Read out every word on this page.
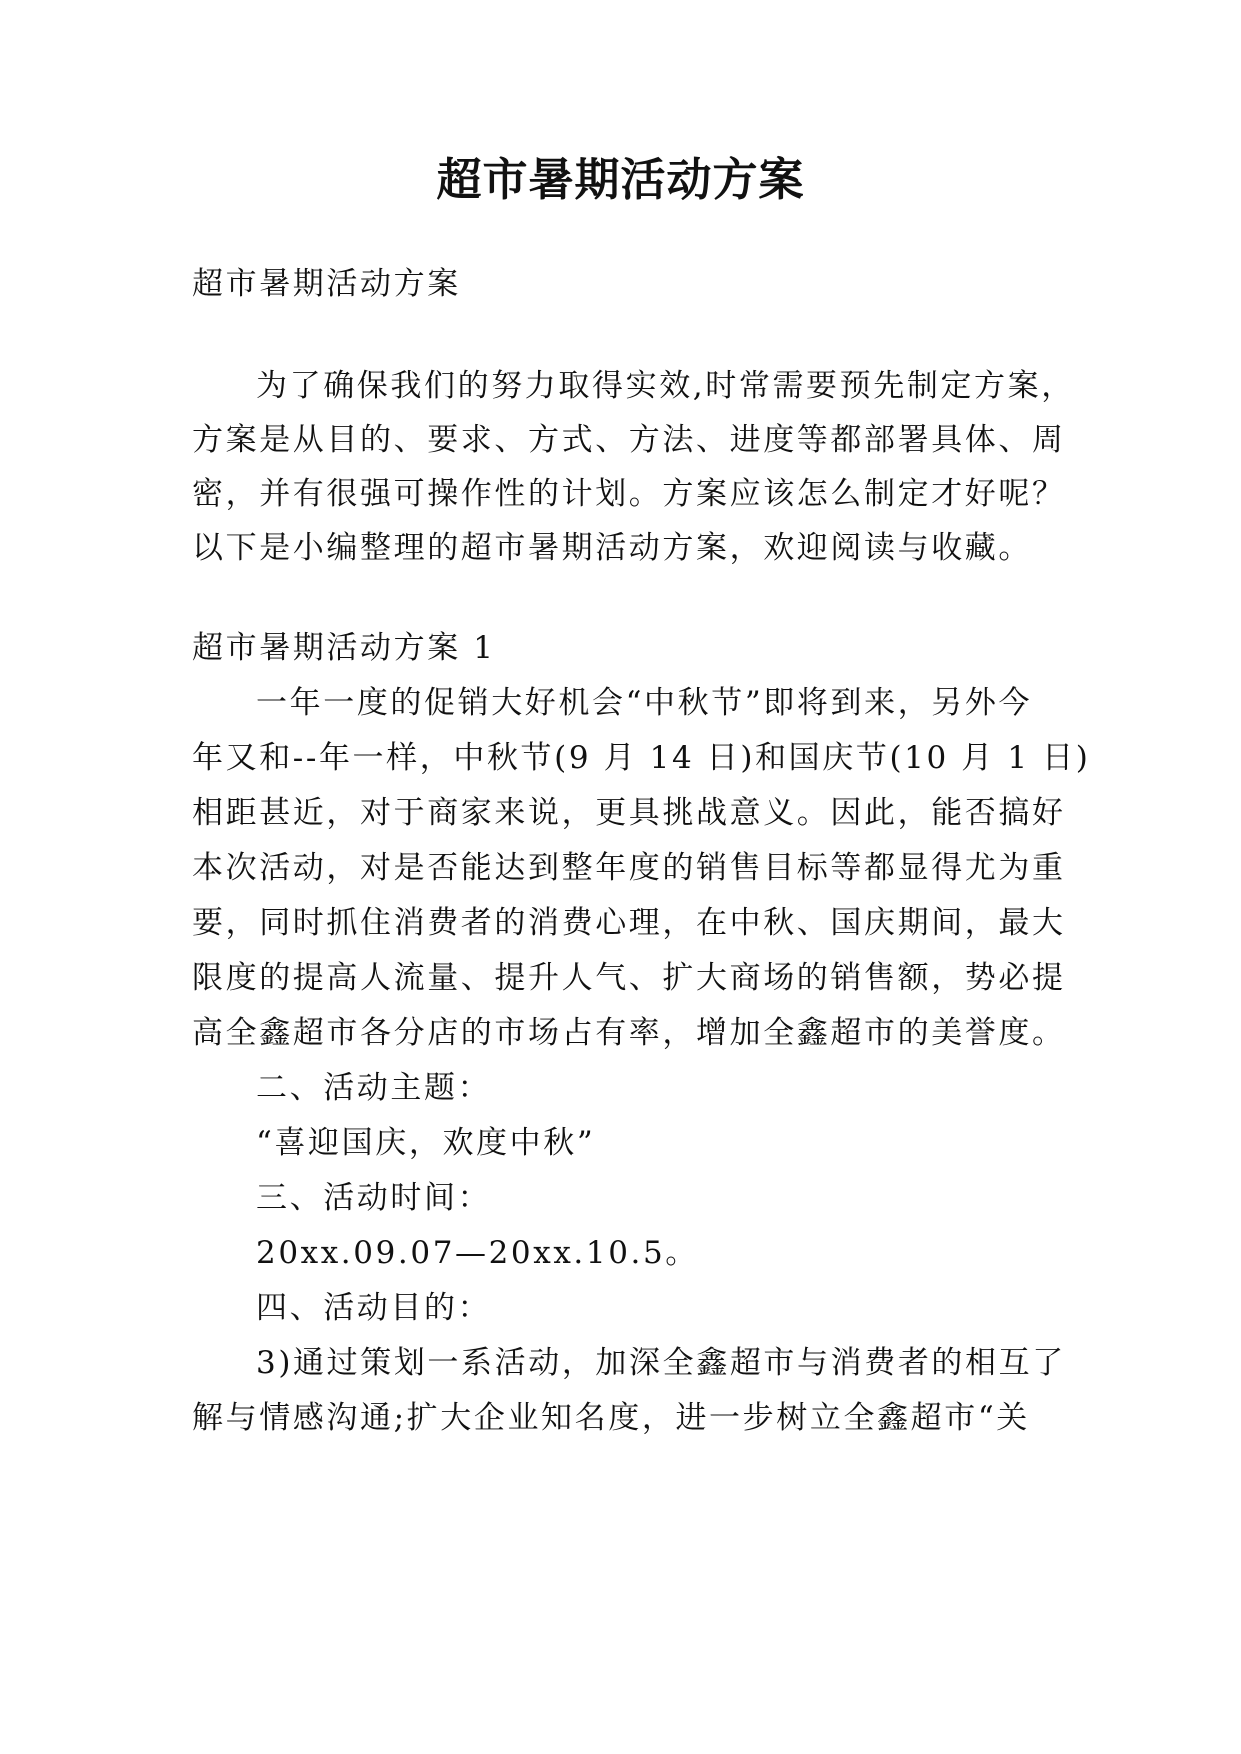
超市暑期活动方案
超市暑期活动方案
为了确保我们的努力取得实效,时常需要预先制定方案，
方案是从目的、要求、方式、方法、进度等都部署具体、周
密，并有很强可操作性的计划。方案应该怎么制定才好呢？
以下是小编整理的超市暑期活动方案，欢迎阅读与收藏。
超市暑期活动方案 1
一年一度的促销大好机会“中秋节”即将到来，另外今
年又和--年一样，中秋节(9 月 14 日)和国庆节(10 月 1 日)
相距甚近，对于商家来说，更具挑战意义。因此，能否搞好
本次活动，对是否能达到整年度的销售目标等都显得尤为重
要，同时抓住消费者的消费心理，在中秋、国庆期间，最大
限度的提高人流量、提升人气、扩大商场的销售额，势必提
高全鑫超市各分店的市场占有率，增加全鑫超市的美誉度。
二、活动主题：
“喜迎国庆，欢度中秋”
三、活动时间：
20xx.09.07—20xx.10.5。
四、活动目的：
3)通过策划一系活动，加深全鑫超市与消费者的相互了
解与情感沟通;扩大企业知名度，进一步树立全鑫超市“关
